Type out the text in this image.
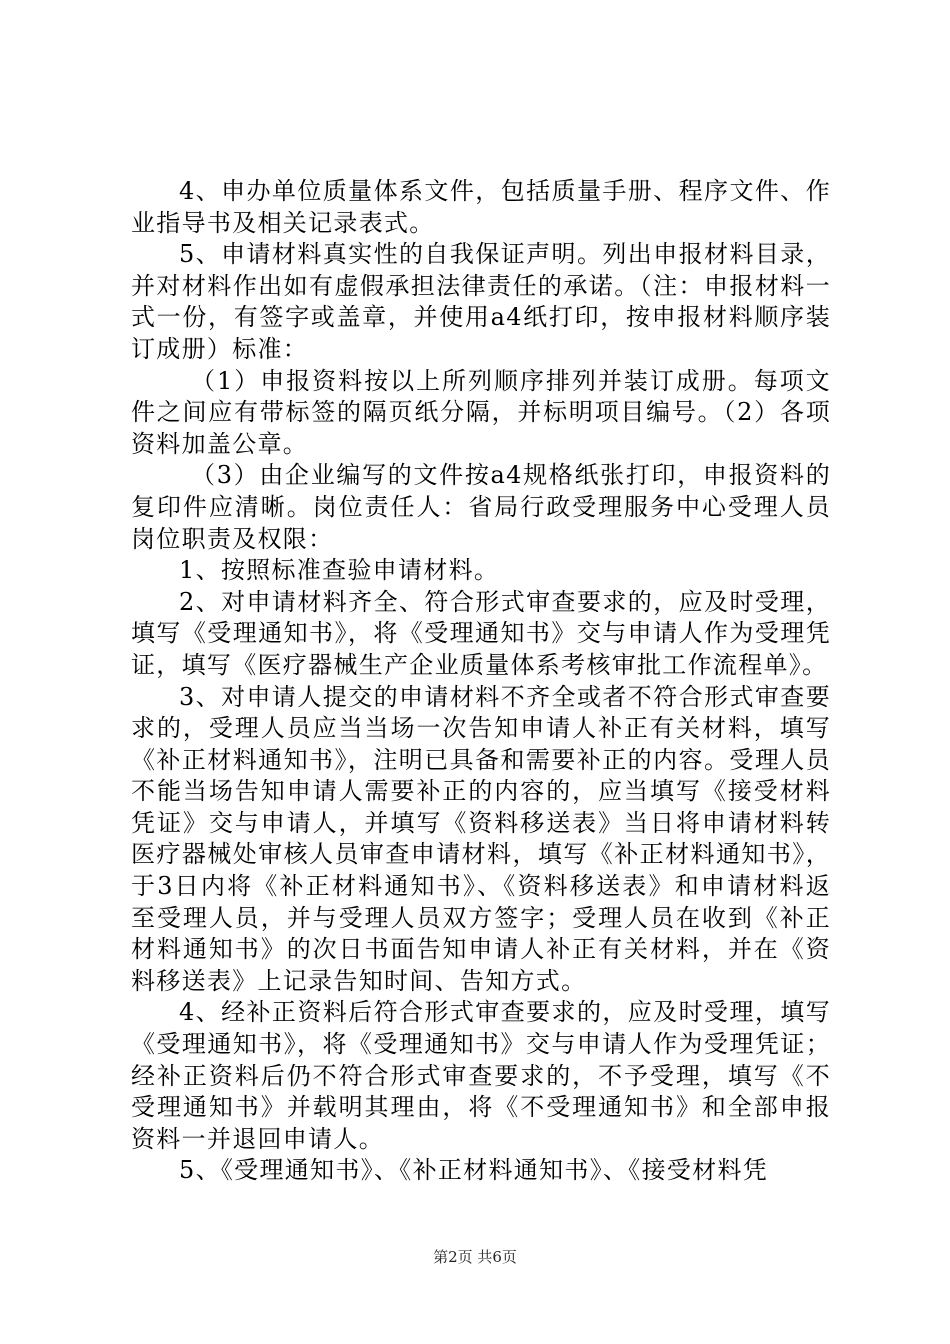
4、申办单位质量体系文件，包括质量手册、程序文件、作业指导书及相关记录表式。

5、申请材料真实性的自我保证声明。列出申报材料目录，并对材料作出如有虚假承担法律责任的承诺。（注：申报材料一式一份，有签字或盖章，并使用a4纸打印，按申报材料顺序装订成册）标准：

（1）申报资料按以上所列顺序排列并装订成册。每项文件之间应有带标签的隔页纸分隔，并标明项目编号。（2）各项资料加盖公章。

（3）由企业编写的文件按a4规格纸张打印，申报资料的复印件应清晰。岗位责任人：省局行政受理服务中心受理人员岗位职责及权限：

1、按照标准查验申请材料。

2、对申请材料齐全、符合形式审查要求的，应及时受理，填写《受理通知书》，将《受理通知书》交与申请人作为受理凭证，填写《医疗器械生产企业质量体系考核审批工作流程单》。

3、对申请人提交的申请材料不齐全或者不符合形式审查要求的，受理人员应当当场一次告知申请人补正有关材料，填写《补正材料通知书》，注明已具备和需要补正的内容。受理人员不能当场告知申请人需要补正的内容的，应当填写《接受材料凭证》交与申请人，并填写《资料移送表》当日将申请材料转医疗器械处审核人员审查申请材料，填写《补正材料通知书》，于3日内将《补正材料通知书》、《资料移送表》和申请材料返至受理人员，并与受理人员双方签字；受理人员在收到《补正材料通知书》的次日书面告知申请人补正有关材料，并在《资料移送表》上记录告知时间、告知方式。

4、经补正资料后符合形式审查要求的，应及时受理，填写《受理通知书》，将《受理通知书》交与申请人作为受理凭证；经补正资料后仍不符合形式审查要求的，不予受理，填写《不受理通知书》并载明其理由，将《不受理通知书》和全部申报资料一并退回申请人。

5、《受理通知书》、《补正材料通知书》、《接受材料凭

第2页 共6页
